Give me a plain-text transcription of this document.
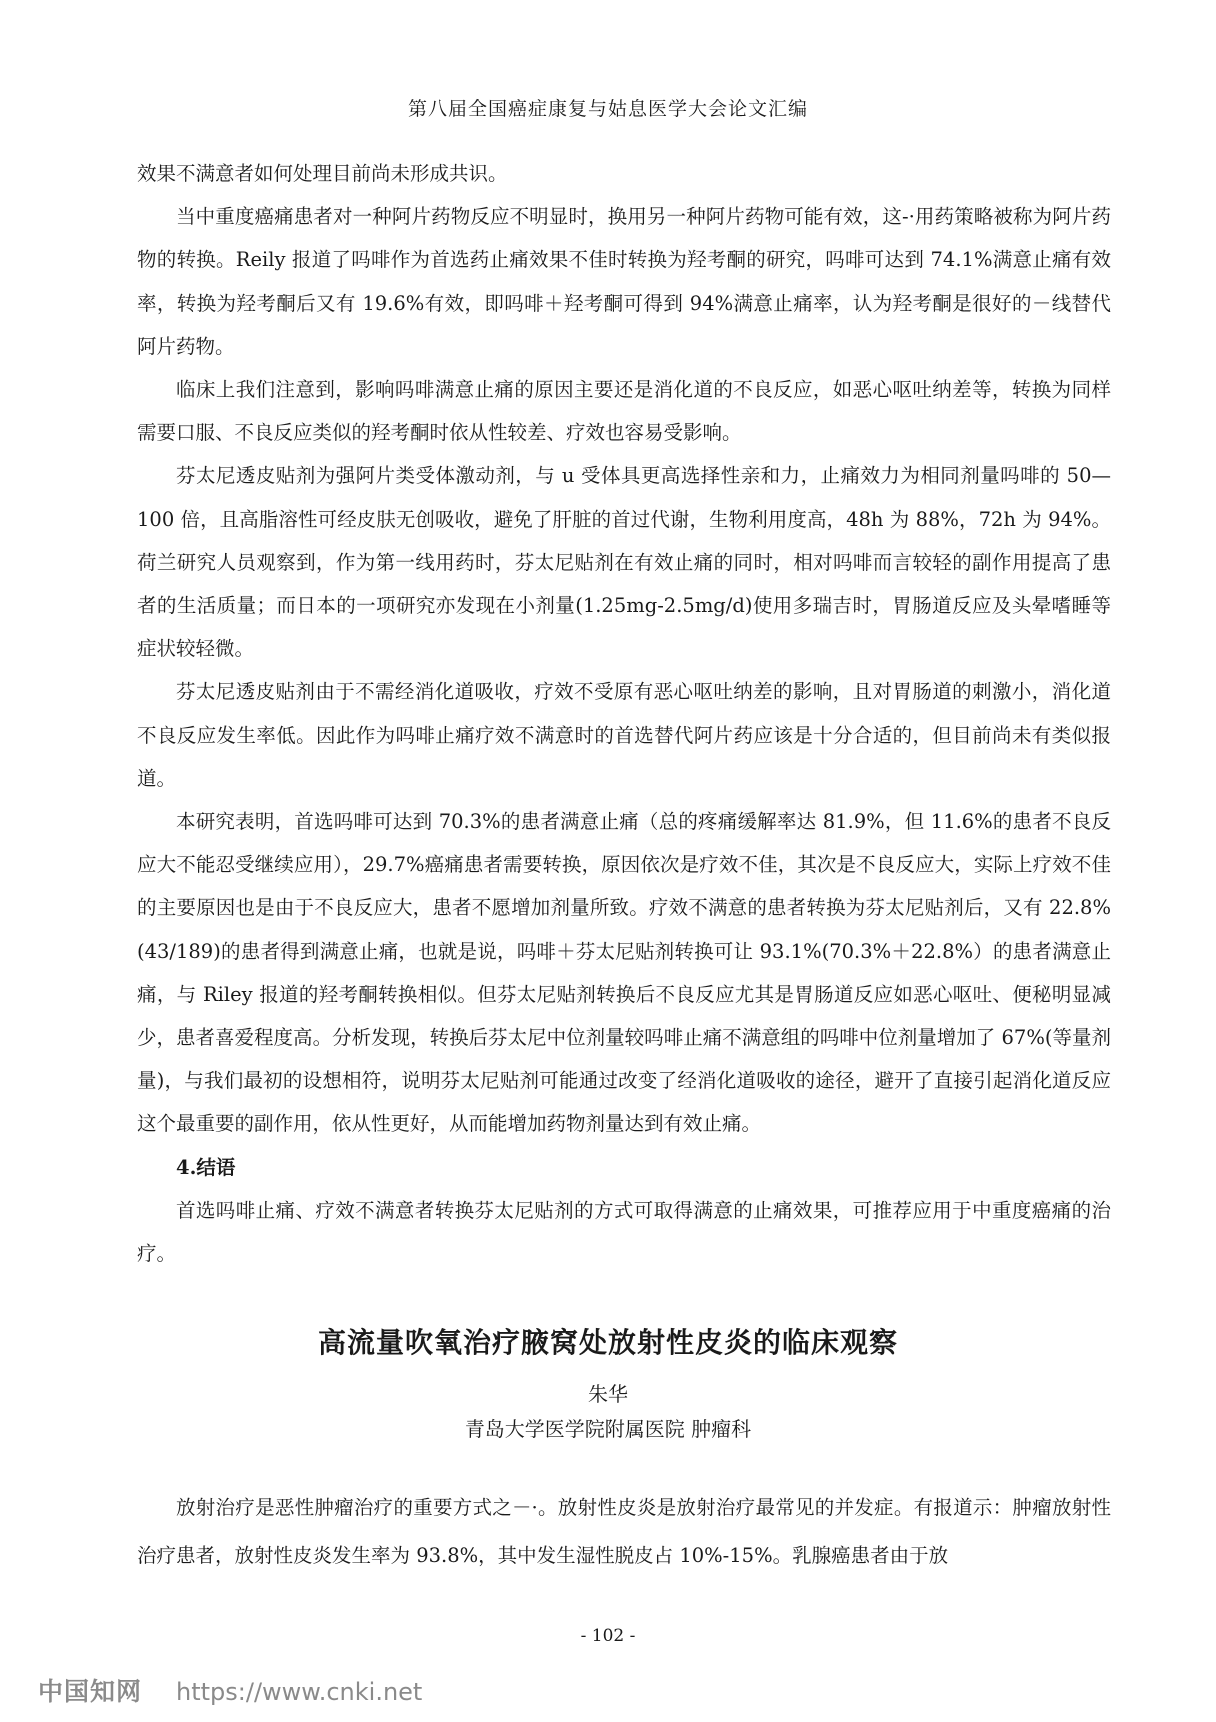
第八届全国癌症康复与姑息医学大会论文汇编

效果不满意者如何处理目前尚未形成共识。

当中重度癌痛患者对一种阿片药物反应不明显时，换用另一种阿片药物可能有效，这-·用药策略被称为阿片药物的转换。Reily 报道了吗啡作为首选药止痛效果不佳时转换为羟考酮的研究，吗啡可达到 74.1%满意止痛有效率，转换为羟考酮后又有 19.6%有效，即吗啡＋羟考酮可得到 94%满意止痛率，认为羟考酮是很好的－线替代阿片药物。

临床上我们注意到，影响吗啡满意止痛的原因主要还是消化道的不良反应，如恶心呕吐纳差等，转换为同样需要口服、不良反应类似的羟考酮时依从性较差、疗效也容易受影响。

芬太尼透皮贴剂为强阿片类受体激动剂，与 u 受体具更高选择性亲和力，止痛效力为相同剂量吗啡的 50—100 倍，且高脂溶性可经皮肤无创吸收，避免了肝脏的首过代谢，生物利用度高，48h 为 88%，72h 为 94%。荷兰研究人员观察到，作为第一线用药时，芬太尼贴剂在有效止痛的同时，相对吗啡而言较轻的副作用提高了患者的生活质量；而日本的一项研究亦发现在小剂量(1.25mg-2.5mg/d)使用多瑞吉时，胃肠道反应及头晕嗜睡等症状较轻微。

芬太尼透皮贴剂由于不需经消化道吸收，疗效不受原有恶心呕吐纳差的影响，且对胃肠道的刺激小，消化道不良反应发生率低。因此作为吗啡止痛疗效不满意时的首选替代阿片药应该是十分合适的，但目前尚未有类似报道。

本研究表明，首选吗啡可达到 70.3%的患者满意止痛（总的疼痛缓解率达 81.9%，但 11.6%的患者不良反应大不能忍受继续应用），29.7%癌痛患者需要转换，原因依次是疗效不佳，其次是不良反应大，实际上疗效不佳的主要原因也是由于不良反应大，患者不愿增加剂量所致。疗效不满意的患者转换为芬太尼贴剂后，又有 22.8%(43/189)的患者得到满意止痛，也就是说，吗啡＋芬太尼贴剂转换可让 93.1%(70.3%＋22.8%）的患者满意止痛，与 Riley 报道的羟考酮转换相似。但芬太尼贴剂转换后不良反应尤其是胃肠道反应如恶心呕吐、便秘明显减少，患者喜爱程度高。分析发现，转换后芬太尼中位剂量较吗啡止痛不满意组的吗啡中位剂量增加了 67%(等量剂量)，与我们最初的设想相符，说明芬太尼贴剂可能通过改变了经消化道吸收的途径，避开了直接引起消化道反应这个最重要的副作用，依从性更好，从而能增加药物剂量达到有效止痛。

4.结语

首选吗啡止痛、疗效不满意者转换芬太尼贴剂的方式可取得满意的止痛效果，可推荐应用于中重度癌痛的治疗。

高流量吹氧治疗腋窝处放射性皮炎的临床观察
朱华
青岛大学医学院附属医院 肿瘤科

放射治疗是恶性肿瘤治疗的重要方式之－·。放射性皮炎是放射治疗最常见的并发症。有报道示：肿瘤放射性治疗患者，放射性皮炎发生率为 93.8%，其中发生湿性脱皮占 10%-15%。乳腺癌患者由于放

- 102 -
中国知网 https://www.cnki.net
